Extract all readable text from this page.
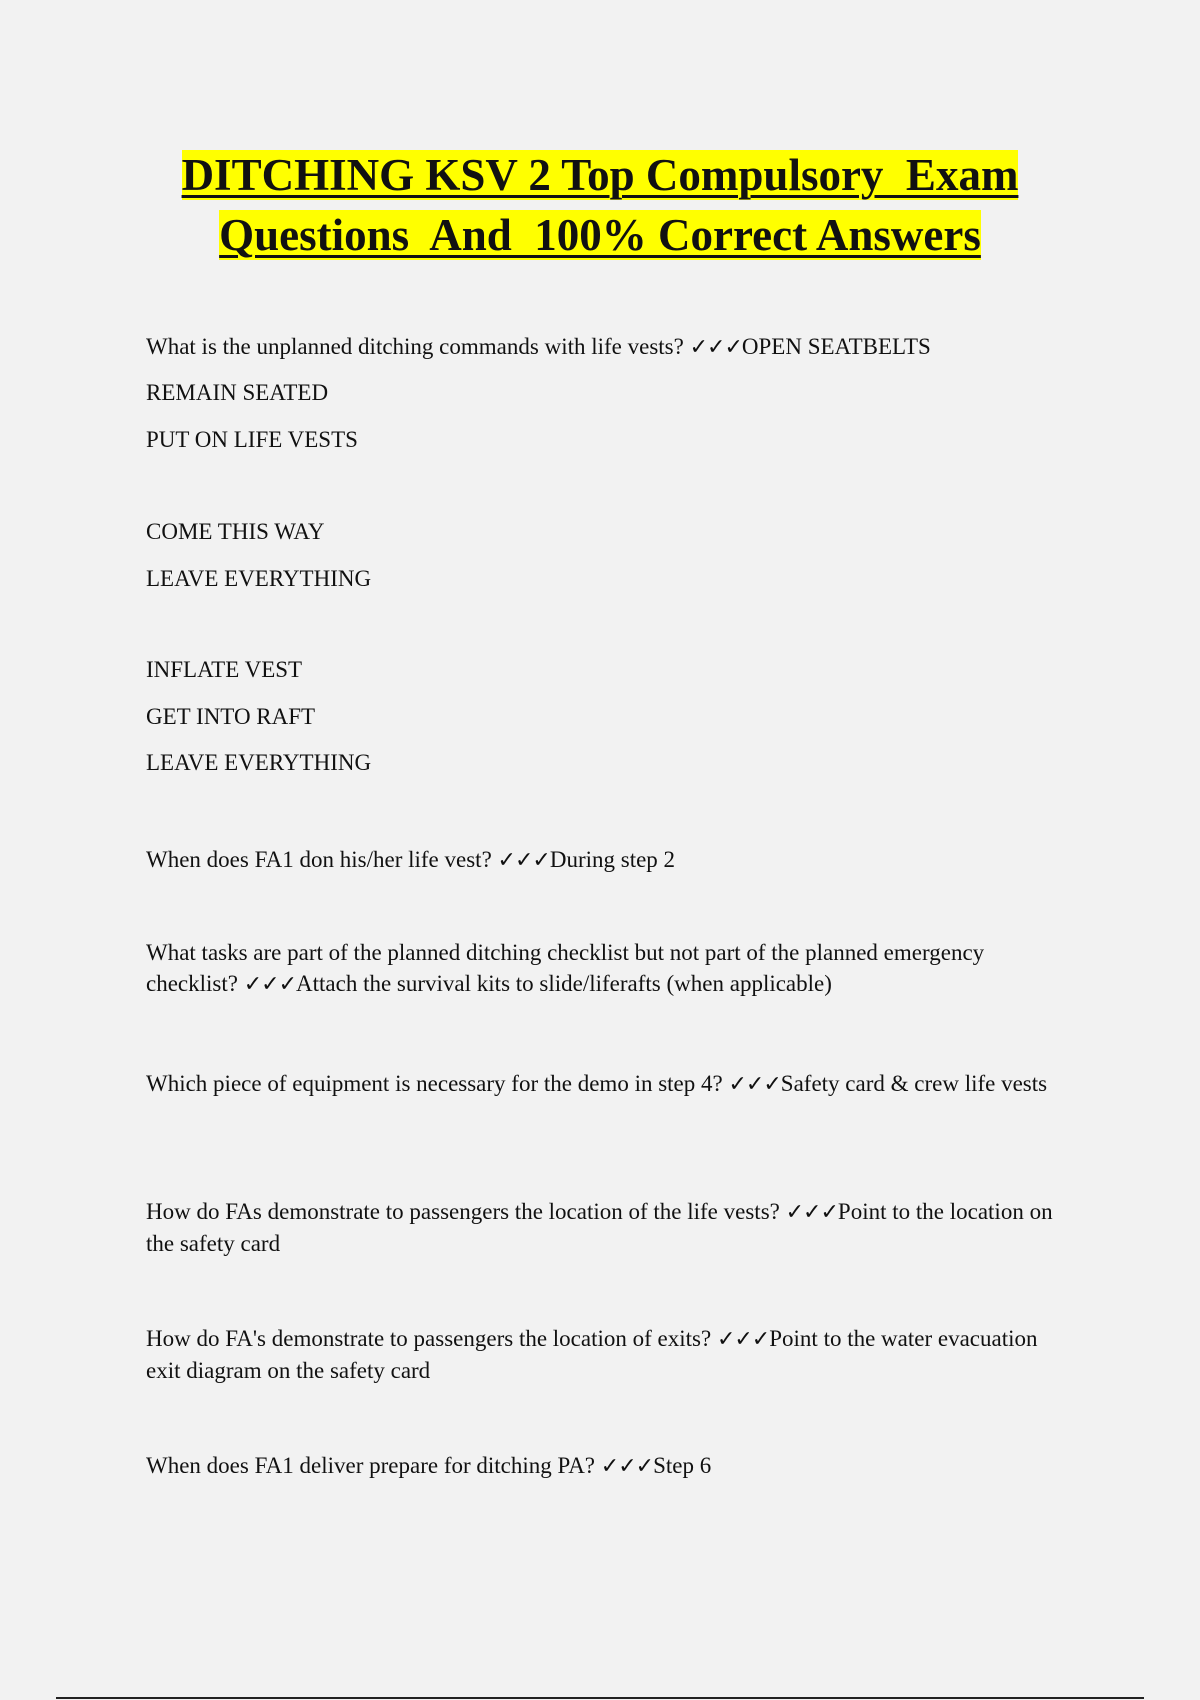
DITCHING KSV 2 Top Compulsory  Exam
Questions  And  100% Correct Answers
What is the unplanned ditching commands with life vests? ✓✓✓OPEN SEATBELTS
REMAIN SEATED
PUT ON LIFE VESTS
COME THIS WAY
LEAVE EVERYTHING
INFLATE VEST
GET INTO RAFT
LEAVE EVERYTHING
When does FA1 don his/her life vest? ✓✓✓During step 2
What tasks are part of the planned ditching checklist but not part of the planned emergency checklist? ✓✓✓Attach the survival kits to slide/liferafts (when applicable)
Which piece of equipment is necessary for the demo in step 4? ✓✓✓Safety card & crew life vests
How do FAs demonstrate to passengers the location of the life vests? ✓✓✓Point to the location on the safety card
How do FA's demonstrate to passengers the location of exits? ✓✓✓Point to the water evacuation exit diagram on the safety card
When does FA1 deliver prepare for ditching PA? ✓✓✓Step 6
